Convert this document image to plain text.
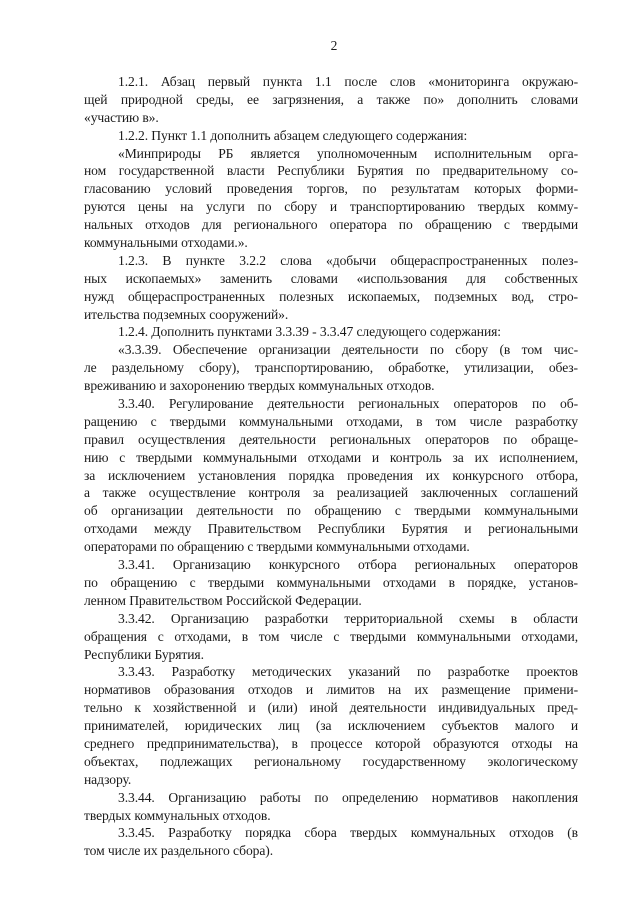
2
1.2.1. Абзац первый пункта 1.1 после слов «мониторинга окружаю-
щей природной среды, ее загрязнения, а также по» дополнить словами
«участию в».
1.2.2. Пункт 1.1 дополнить абзацем следующего содержания:
«Минприроды РБ является уполномоченным исполнительным орга-
ном государственной власти Республики Бурятия по предварительному со-
гласованию условий проведения торгов, по результатам которых форми-
руются цены на услуги по сбору и транспортированию твердых комму-
нальных отходов для регионального оператора по обращению с твердыми
коммунальными отходами.».
1.2.3. В пункте 3.2.2 слова «добычи общераспространенных полез-
ных ископаемых» заменить словами «использования для собственных
нужд общераспространенных полезных ископаемых, подземных вод, стро-
ительства подземных сооружений».
1.2.4. Дополнить пунктами 3.3.39 - 3.3.47 следующего содержания:
«3.3.39. Обеспечение организации деятельности по сбору (в том чис-
ле раздельному сбору), транспортированию, обработке, утилизации, обез-
вреживанию и захоронению твердых коммунальных отходов.
3.3.40. Регулирование деятельности региональных операторов по об-
ращению с твердыми коммунальными отходами, в том числе разработку
правил осуществления деятельности региональных операторов по обраще-
нию с твердыми коммунальными отходами и контроль за их исполнением,
за исключением установления порядка проведения их конкурсного отбора,
а также осуществление контроля за реализацией заключенных соглашений
об организации деятельности по обращению с твердыми коммунальными
отходами между Правительством Республики Бурятия и региональными
операторами по обращению с твердыми коммунальными отходами.
3.3.41. Организацию конкурсного отбора региональных операторов
по обращению с твердыми коммунальными отходами в порядке, установ-
ленном Правительством Российской Федерации.
3.3.42. Организацию разработки территориальной схемы в области
обращения с отходами, в том числе с твердыми коммунальными отходами,
Республики Бурятия.
3.3.43. Разработку методических указаний по разработке проектов
нормативов образования отходов и лимитов на их размещение примени-
тельно к хозяйственной и (или) иной деятельности индивидуальных пред-
принимателей, юридических лиц (за исключением субъектов малого и
среднего предпринимательства), в процессе которой образуются отходы на
объектах, подлежащих региональному государственному экологическому
надзору.
3.3.44. Организацию работы по определению нормативов накопления
твердых коммунальных отходов.
3.3.45. Разработку порядка сбора твердых коммунальных отходов (в
том числе их раздельного сбора).
